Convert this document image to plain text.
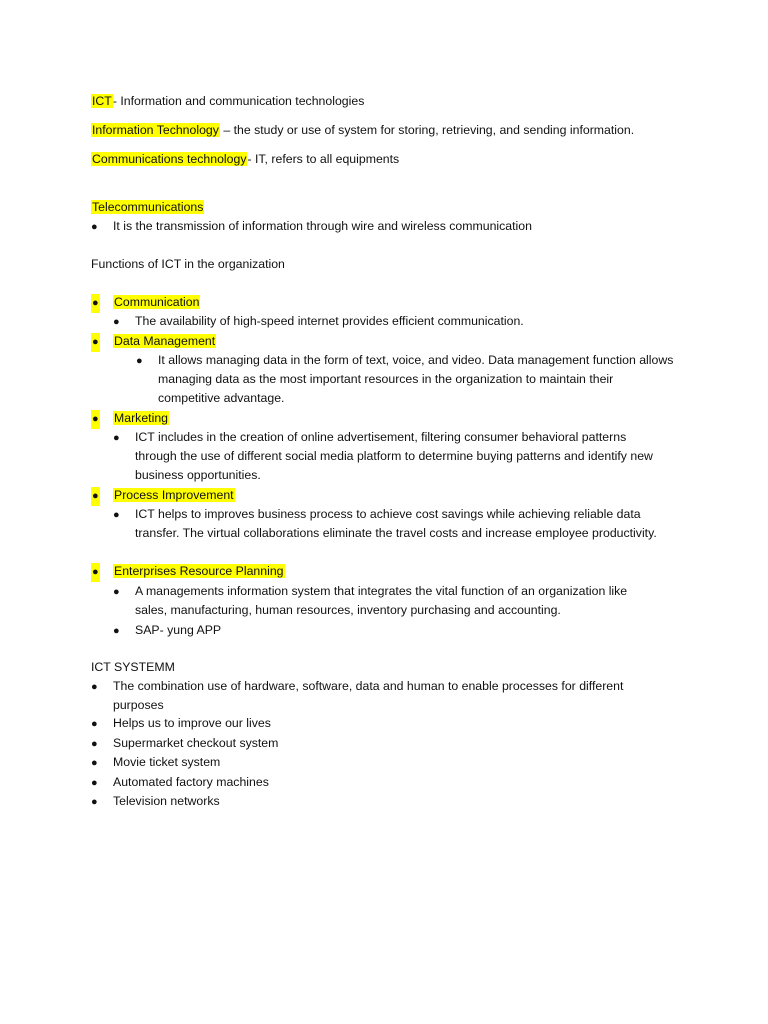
ICT- Information and communication technologies
Information Technology – the study or use of system for storing, retrieving, and sending information.
Communications technology- IT, refers to all equipments
Telecommunications
● It is the transmission of information through wire and wireless communication
Functions of ICT in the organization
● Communication
● The availability of high-speed internet provides efficient communication.
● Data Management
● It allows managing data in the form of text, voice, and video. Data management function allows managing data as the most important resources in the organization to maintain their competitive advantage.
● Marketing
● ICT includes in the creation of online advertisement, filtering consumer behavioral patterns through the use of different social media platform to determine buying patterns and identify new business opportunities.
● Process Improvement
● ICT helps to improves business process to achieve cost savings while achieving reliable data transfer. The virtual collaborations eliminate the travel costs and increase employee productivity.
● Enterprises Resource Planning
● A managements information system that integrates the vital function of an organization like sales, manufacturing, human resources, inventory purchasing and accounting.
● SAP- yung APP
ICT SYSTEMM
● The combination use of hardware, software, data and human to enable processes for different purposes
● Helps us to improve our lives
● Supermarket checkout system
● Movie ticket system
● Automated factory machines
● Television networks
